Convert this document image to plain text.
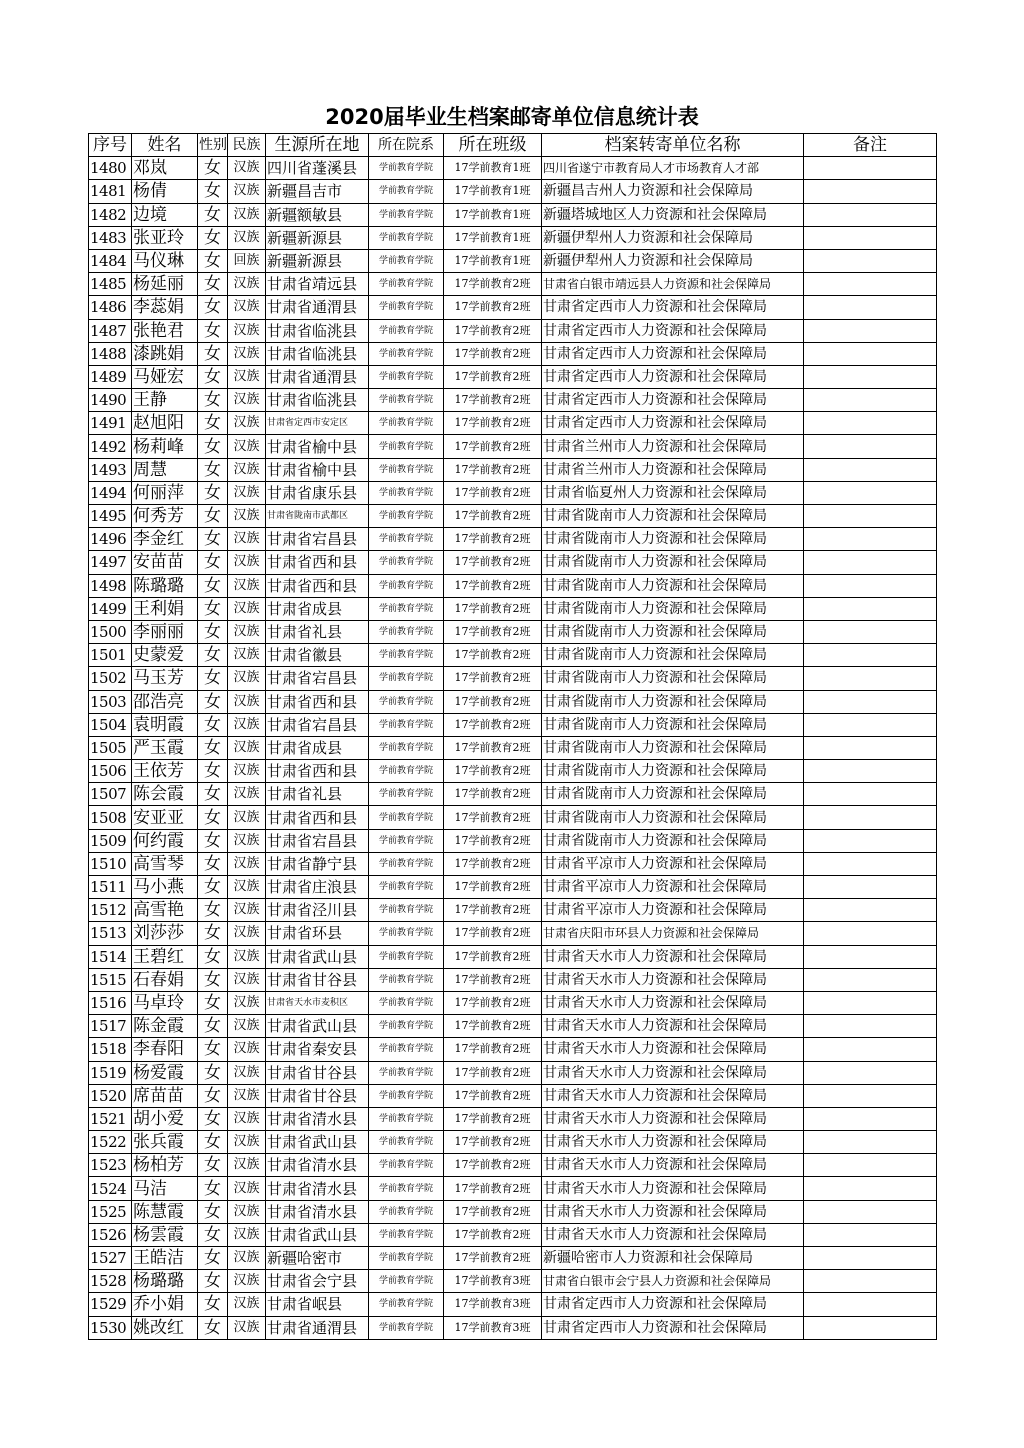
2020届毕业生档案邮寄单位信息统计表
序号	姓名	性别	民族	生源所在地	所在院系	所在班级	档案转寄单位名称	备注
1480	邓岚	女	汉族	四川省蓬溪县	学前教育学院	17学前教育1班	四川省遂宁市教育局人才市场教育人才部	
1481	杨倩	女	汉族	新疆昌吉市	学前教育学院	17学前教育1班	新疆昌吉州人力资源和社会保障局	
1482	边境	女	汉族	新疆额敏县	学前教育学院	17学前教育1班	新疆塔城地区人力资源和社会保障局	
1483	张亚玲	女	汉族	新疆新源县	学前教育学院	17学前教育1班	新疆伊犁州人力资源和社会保障局	
1484	马仪琳	女	回族	新疆新源县	学前教育学院	17学前教育1班	新疆伊犁州人力资源和社会保障局	
1485	杨延丽	女	汉族	甘肃省靖远县	学前教育学院	17学前教育2班	甘肃省白银市靖远县人力资源和社会保障局	
1486	李蕊娟	女	汉族	甘肃省通渭县	学前教育学院	17学前教育2班	甘肃省定西市人力资源和社会保障局	
1487	张艳君	女	汉族	甘肃省临洮县	学前教育学院	17学前教育2班	甘肃省定西市人力资源和社会保障局	
1488	漆跳娟	女	汉族	甘肃省临洮县	学前教育学院	17学前教育2班	甘肃省定西市人力资源和社会保障局	
1489	马娅宏	女	汉族	甘肃省通渭县	学前教育学院	17学前教育2班	甘肃省定西市人力资源和社会保障局	
1490	王静	女	汉族	甘肃省临洮县	学前教育学院	17学前教育2班	甘肃省定西市人力资源和社会保障局	
1491	赵旭阳	女	汉族	甘肃省定西市安定区	学前教育学院	17学前教育2班	甘肃省定西市人力资源和社会保障局	
1492	杨莉峰	女	汉族	甘肃省榆中县	学前教育学院	17学前教育2班	甘肃省兰州市人力资源和社会保障局	
1493	周慧	女	汉族	甘肃省榆中县	学前教育学院	17学前教育2班	甘肃省兰州市人力资源和社会保障局	
1494	何丽萍	女	汉族	甘肃省康乐县	学前教育学院	17学前教育2班	甘肃省临夏州人力资源和社会保障局	
1495	何秀芳	女	汉族	甘肃省陇南市武都区	学前教育学院	17学前教育2班	甘肃省陇南市人力资源和社会保障局	
1496	李金红	女	汉族	甘肃省宕昌县	学前教育学院	17学前教育2班	甘肃省陇南市人力资源和社会保障局	
1497	安苗苗	女	汉族	甘肃省西和县	学前教育学院	17学前教育2班	甘肃省陇南市人力资源和社会保障局	
1498	陈璐璐	女	汉族	甘肃省西和县	学前教育学院	17学前教育2班	甘肃省陇南市人力资源和社会保障局	
1499	王利娟	女	汉族	甘肃省成县	学前教育学院	17学前教育2班	甘肃省陇南市人力资源和社会保障局	
1500	李丽丽	女	汉族	甘肃省礼县	学前教育学院	17学前教育2班	甘肃省陇南市人力资源和社会保障局	
1501	史蒙爱	女	汉族	甘肃省徽县	学前教育学院	17学前教育2班	甘肃省陇南市人力资源和社会保障局	
1502	马玉芳	女	汉族	甘肃省宕昌县	学前教育学院	17学前教育2班	甘肃省陇南市人力资源和社会保障局	
1503	邵浩亮	女	汉族	甘肃省西和县	学前教育学院	17学前教育2班	甘肃省陇南市人力资源和社会保障局	
1504	袁明霞	女	汉族	甘肃省宕昌县	学前教育学院	17学前教育2班	甘肃省陇南市人力资源和社会保障局	
1505	严玉霞	女	汉族	甘肃省成县	学前教育学院	17学前教育2班	甘肃省陇南市人力资源和社会保障局	
1506	王依芳	女	汉族	甘肃省西和县	学前教育学院	17学前教育2班	甘肃省陇南市人力资源和社会保障局	
1507	陈会霞	女	汉族	甘肃省礼县	学前教育学院	17学前教育2班	甘肃省陇南市人力资源和社会保障局	
1508	安亚亚	女	汉族	甘肃省西和县	学前教育学院	17学前教育2班	甘肃省陇南市人力资源和社会保障局	
1509	何约霞	女	汉族	甘肃省宕昌县	学前教育学院	17学前教育2班	甘肃省陇南市人力资源和社会保障局	
1510	高雪琴	女	汉族	甘肃省静宁县	学前教育学院	17学前教育2班	甘肃省平凉市人力资源和社会保障局	
1511	马小燕	女	汉族	甘肃省庄浪县	学前教育学院	17学前教育2班	甘肃省平凉市人力资源和社会保障局	
1512	高雪艳	女	汉族	甘肃省泾川县	学前教育学院	17学前教育2班	甘肃省平凉市人力资源和社会保障局	
1513	刘莎莎	女	汉族	甘肃省环县	学前教育学院	17学前教育2班	甘肃省庆阳市环县人力资源和社会保障局	
1514	王碧红	女	汉族	甘肃省武山县	学前教育学院	17学前教育2班	甘肃省天水市人力资源和社会保障局	
1515	石春娟	女	汉族	甘肃省甘谷县	学前教育学院	17学前教育2班	甘肃省天水市人力资源和社会保障局	
1516	马卓玲	女	汉族	甘肃省天水市麦积区	学前教育学院	17学前教育2班	甘肃省天水市人力资源和社会保障局	
1517	陈金霞	女	汉族	甘肃省武山县	学前教育学院	17学前教育2班	甘肃省天水市人力资源和社会保障局	
1518	李春阳	女	汉族	甘肃省秦安县	学前教育学院	17学前教育2班	甘肃省天水市人力资源和社会保障局	
1519	杨爱霞	女	汉族	甘肃省甘谷县	学前教育学院	17学前教育2班	甘肃省天水市人力资源和社会保障局	
1520	席苗苗	女	汉族	甘肃省甘谷县	学前教育学院	17学前教育2班	甘肃省天水市人力资源和社会保障局	
1521	胡小爱	女	汉族	甘肃省清水县	学前教育学院	17学前教育2班	甘肃省天水市人力资源和社会保障局	
1522	张兵霞	女	汉族	甘肃省武山县	学前教育学院	17学前教育2班	甘肃省天水市人力资源和社会保障局	
1523	杨柏芳	女	汉族	甘肃省清水县	学前教育学院	17学前教育2班	甘肃省天水市人力资源和社会保障局	
1524	马洁	女	汉族	甘肃省清水县	学前教育学院	17学前教育2班	甘肃省天水市人力资源和社会保障局	
1525	陈慧霞	女	汉族	甘肃省清水县	学前教育学院	17学前教育2班	甘肃省天水市人力资源和社会保障局	
1526	杨雲霞	女	汉族	甘肃省武山县	学前教育学院	17学前教育2班	甘肃省天水市人力资源和社会保障局	
1527	王皓洁	女	汉族	新疆哈密市	学前教育学院	17学前教育2班	新疆哈密市人力资源和社会保障局	
1528	杨璐璐	女	汉族	甘肃省会宁县	学前教育学院	17学前教育3班	甘肃省白银市会宁县人力资源和社会保障局	
1529	乔小娟	女	汉族	甘肃省岷县	学前教育学院	17学前教育3班	甘肃省定西市人力资源和社会保障局	
1530	姚改红	女	汉族	甘肃省通渭县	学前教育学院	17学前教育3班	甘肃省定西市人力资源和社会保障局	
